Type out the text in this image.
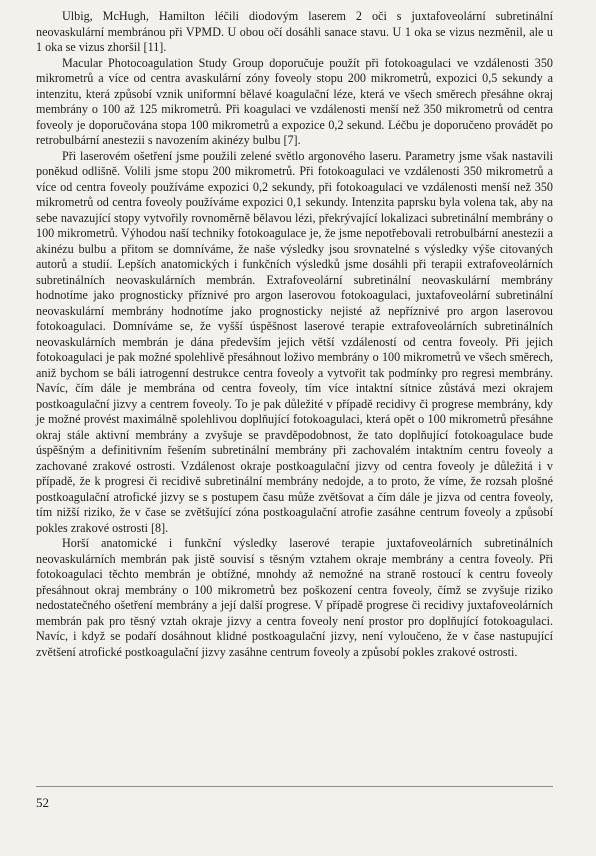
Ulbig, McHugh, Hamilton léčili diodovým laserem 2 oči s juxtafoveolární subretinální neovaskulární membránou při VPMD. U obou očí dosáhli sanace stavu. U 1 oka se vizus nezměnil, ale u 1 oka se vizus zhoršil [11].

Macular Photocoagulation Study Group doporučuje použít při fotokoagulaci ve vzdálenosti 350 mikrometrů a více od centra avaskulární zóny foveoly stopu 200 mikrometrů, expozici 0,5 sekundy a intenzitu, která způsobí vznik uniformní bělavé koagulační léze, která ve všech směrech přesáhne okraj membrány o 100 až 125 mikrometrů. Při koagulaci ve vzdálenosti menší než 350 mikrometrů od centra foveoly je doporučována stopa 100 mikrometrů a expozice 0,2 sekund. Léčbu je doporučeno provádět po retrobulbární anestezii s navozením akinézy bulbu [7].

Při laserovém ošetření jsme použili zelené světlo argonového laseru. Parametry jsme však nastavili poněkud odlišně. Volili jsme stopu 200 mikrometrů. Při fotokoagulaci ve vzdálenosti 350 mikrometrů a více od centra foveoly používáme expozici 0,2 sekundy, při fotokoagulaci ve vzdálenosti menší než 350 mikrometrů od centra foveoly používáme expozici 0,1 sekundy. Intenzita paprsku byla volena tak, aby na sebe navazující stopy vytvořily rovnoměrně bělavou lézi, překrývající lokalizaci subretinální membrány o 100 mikrometrů. Výhodou naší techniky fotokoagulace je, že jsme nepotřebovali retrobulbární anestezii a akinézu bulbu a přitom se domníváme, že naše výsledky jsou srovnatelné s výsledky výše citovaných autorů a studií. Lepších anatomických i funkčních výsledků jsme dosáhli při terapii extrafoveolárních subretinálních neovaskulárních membrán. Extrafoveolární subretinální neovaskulární membrány hodnotíme jako prognosticky příznivé pro argon laserovou fotokoagulaci, juxtafoveolární subretinální neovaskulární membrány hodnotíme jako prognosticky nejisté až nepříznivé pro argon laserovou fotokoagulaci. Domníváme se, že vyšší úspěšnost laserové terapie extrafoveolárních subretinálních neovaskulárních membrán je dána především jejich větší vzdáleností od centra foveoly. Při jejich fotokoagulaci je pak možné spolehlivě přesáhnout loživo membrány o 100 mikrometrů ve všech směrech, aniž bychom se báli iatrogenní destrukce centra foveoly a vytvořit tak podmínky pro regresi membrány. Navíc, čím dále je membrána od centra foveoly, tím více intaktní sítnice zůstává mezi okrajem postkoagulační jizvy a centrem foveoly. To je pak důležité v případě recidivy či progrese membrány, kdy je možné provést maximálně spolehlivou doplňující fotokoagulaci, která opět o 100 mikrometrů přesáhne okraj stále aktivní membrány a zvyšuje se pravděpodobnost, že tato doplňující fotokoagulace bude úspěšným a definitivním řešením subretinální membrány při zachovalém intaktním centru foveoly a zachované zrakové ostrosti. Vzdálenost okraje postkoagulační jizvy od centra foveoly je důležitá i v případě, že k progresi či recidivě subretinální membrány nedojde, a to proto, že víme, že rozsah plošné postkoagulační atrofické jizvy se s postupem času může zvětšovat a čím dále je jizva od centra foveoly, tím nižší riziko, že v čase se zvětšující zóna postkoagulační atrofie zasáhne centrum foveoly a způsobí pokles zrakové ostrosti [8].

Horší anatomické i funkční výsledky laserové terapie juxtafoveolárních subretinálních neovaskulárních membrán pak jistě souvisí s těsným vztahem okraje membrány a centra foveoly. Při fotokoagulaci těchto membrán je obtížné, mnohdy až nemožné na straně rostoucí k centru foveoly přesáhnout okraj membrány o 100 mikrometrů bez poškození centra foveoly, čímž se zvyšuje riziko nedostatečného ošetření membrány a její další progrese. V případě progrese či recidivy juxtafoveolárních membrán pak pro těsný vztah okraje jizvy a centra foveoly není prostor pro doplňující fotokoagulaci. Navíc, i když se podaří dosáhnout klidné postkoagulační jizvy, není vyloučeno, že v čase nastupující zvětšení atrofické postkoagulační jizvy zasáhne centrum foveoly a způsobí pokles zrakové ostrosti.

52
